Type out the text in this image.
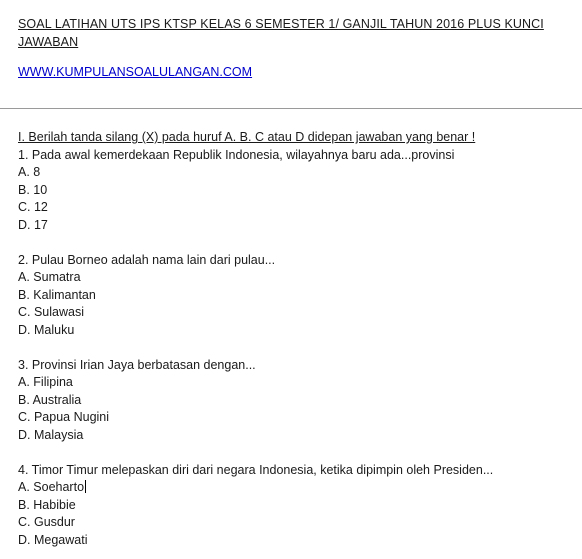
SOAL LATIHAN UTS IPS KTSP KELAS 6 SEMESTER 1/ GANJIL TAHUN 2016 PLUS KUNCI JAWABAN

WWW.KUMPULANSOALULANGAN.COM
I. Berilah tanda silang (X) pada huruf A. B. C atau D didepan jawaban yang benar !
1. Pada awal kemerdekaan Republik Indonesia, wilayahnya baru ada...provinsi
A. 8
B. 10
C. 12
D. 17
2. Pulau Borneo adalah nama lain dari pulau...
A. Sumatra
B. Kalimantan
C. Sulawasi
D. Maluku
3. Provinsi Irian Jaya berbatasan dengan...
A. Filipina
B. Australia
C. Papua Nugini
D. Malaysia
4. Timor Timur melepaskan diri dari negara Indonesia, ketika dipimpin oleh Presiden...
A. Soeharto
B. Habibie
C. Gusdur
D. Megawati
